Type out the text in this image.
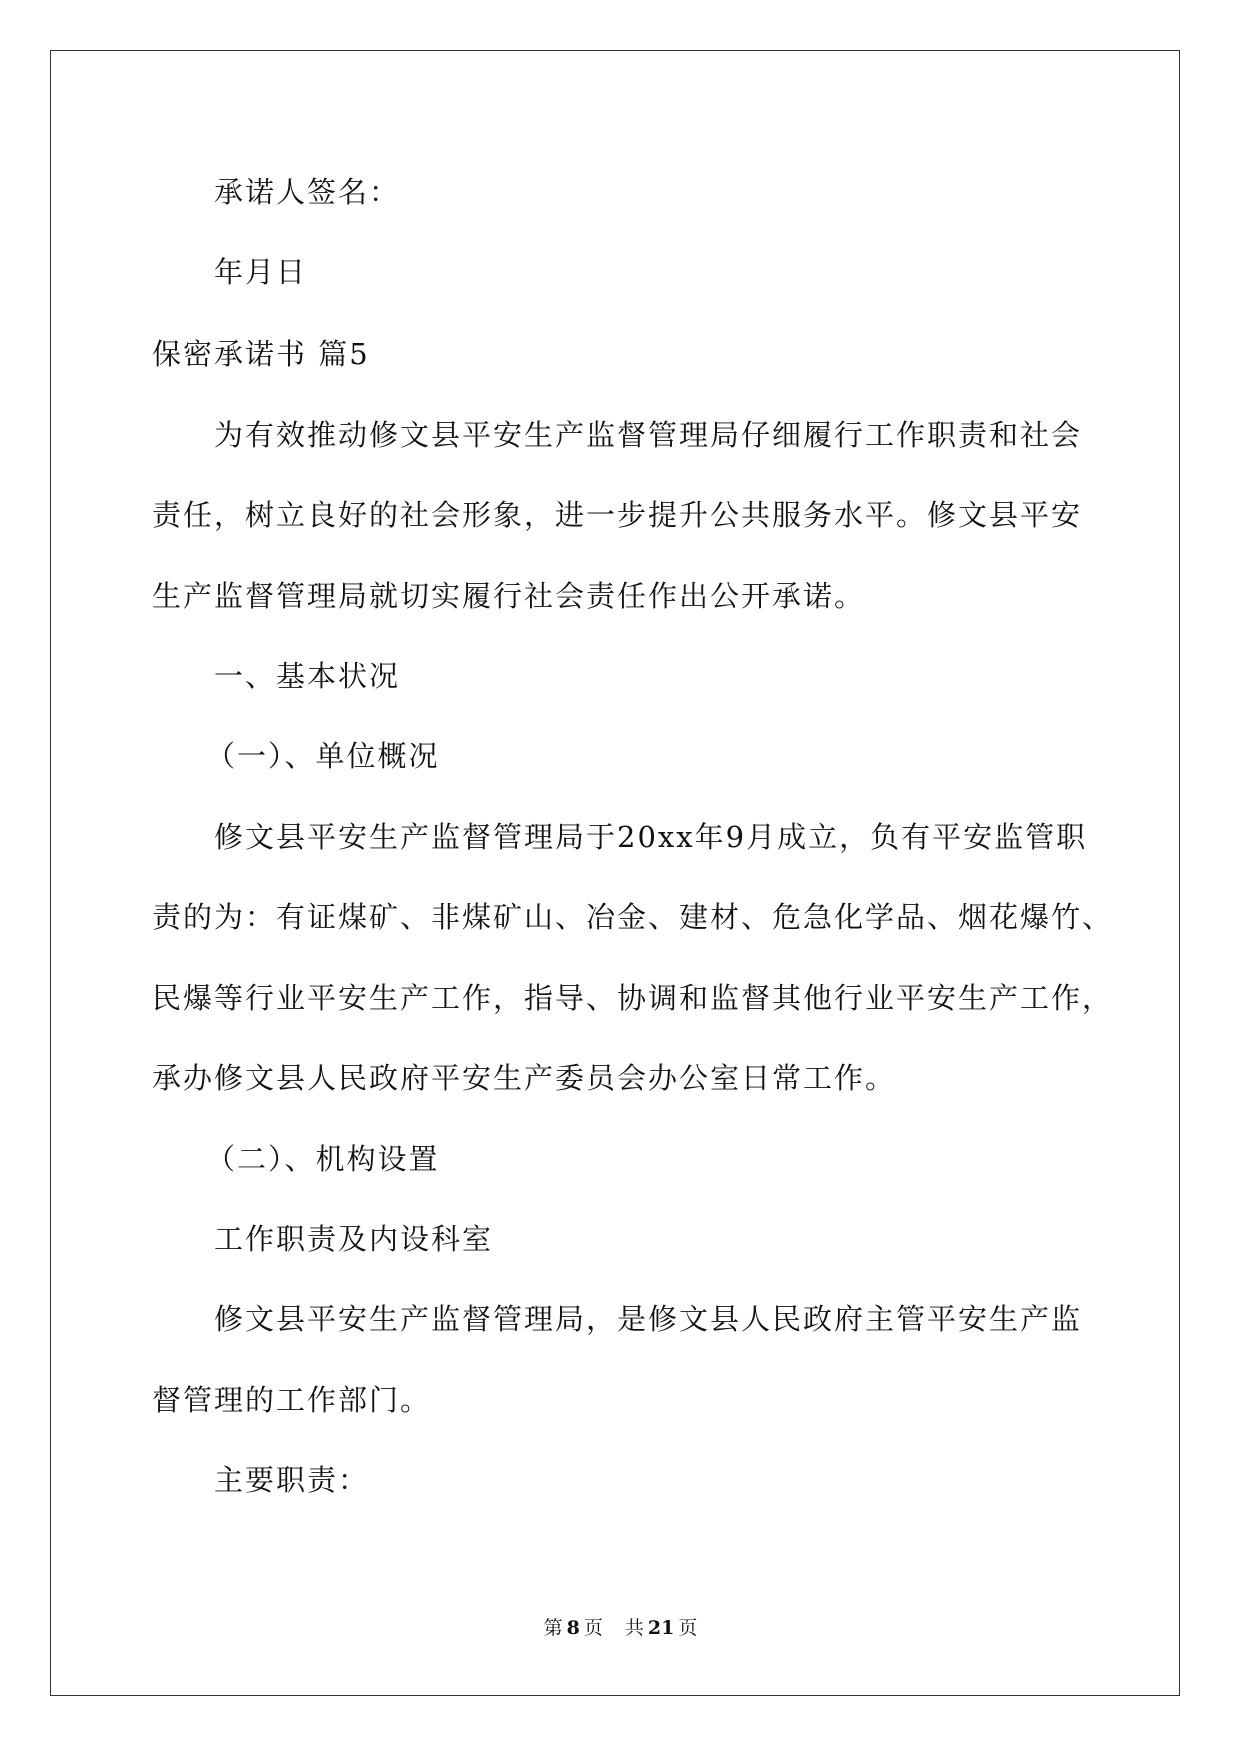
承诺人签名：
年月日
保密承诺书 篇5
为有效推动修文县平安生产监督管理局仔细履行工作职责和社会
责任，树立良好的社会形象，进一步提升公共服务水平。修文县平安
生产监督管理局就切实履行社会责任作出公开承诺。
一、基本状况
（一）、单位概况
修文县平安生产监督管理局于20xx年9月成立，负有平安监管职
责的为：有证煤矿、非煤矿山、冶金、建材、危急化学品、烟花爆竹、
民爆等行业平安生产工作，指导、协调和监督其他行业平安生产工作，
承办修文县人民政府平安生产委员会办公室日常工作。
（二）、机构设置
工作职责及内设科室
修文县平安生产监督管理局，是修文县人民政府主管平安生产监
督管理的工作部门。
主要职责：
第 8 页 共 21 页
